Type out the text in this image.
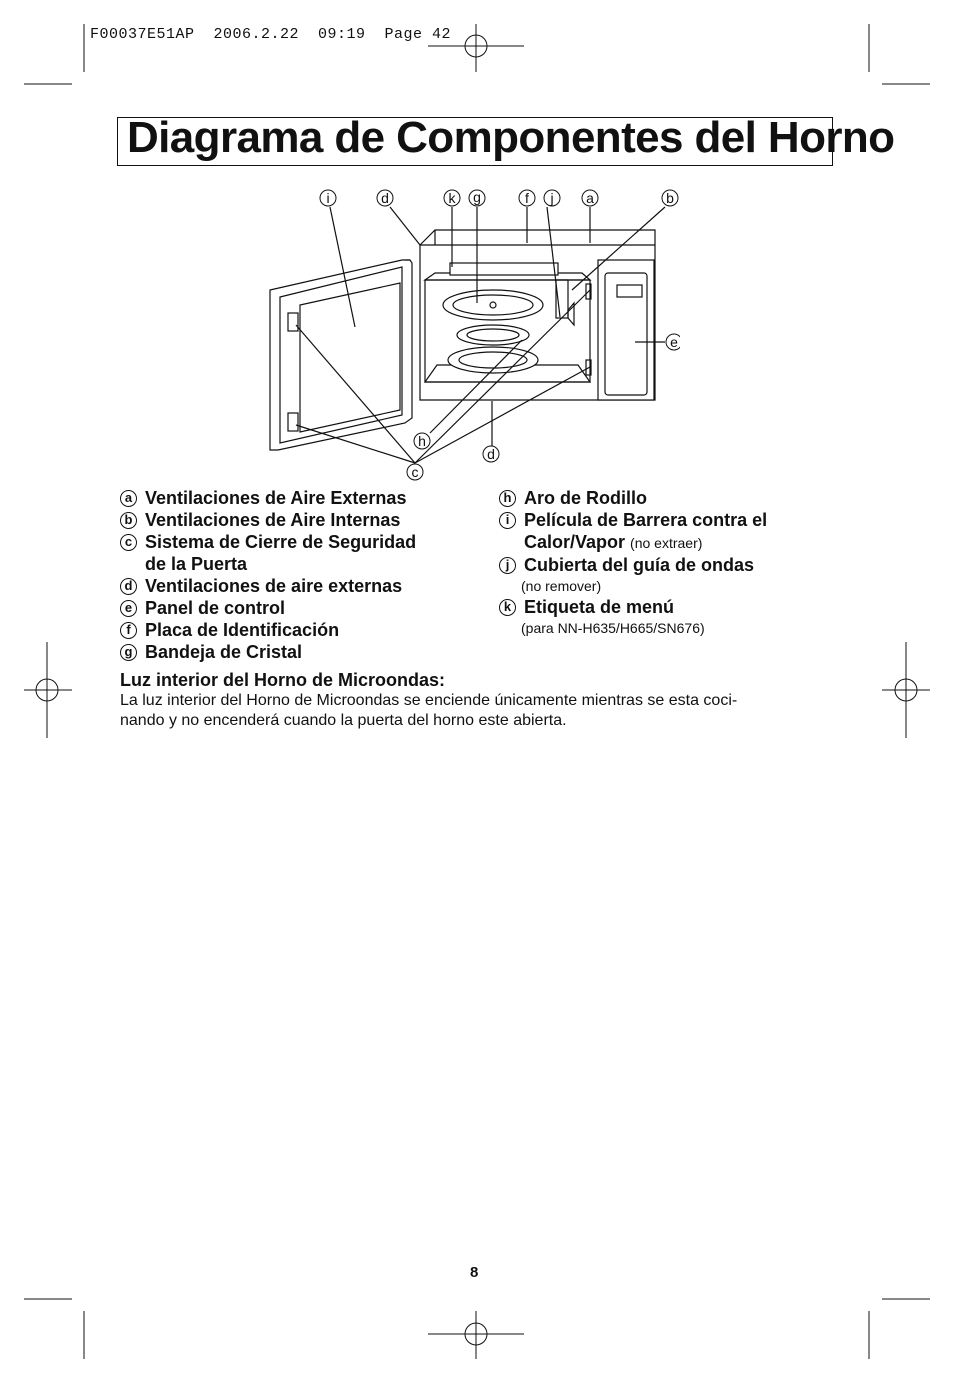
F00037E51AP  2006.2.22  09:19  Page 42
Diagrama de Componentes del Horno
i	d	k g	f j a	b
e
h
d
c
a Ventilaciones de Aire Externas
b Ventilaciones de Aire Internas
c Sistema de Cierre de Seguridad
de la Puerta
d Ventilaciones de aire externas
e Panel de control
f Placa de Identificación
g Bandeja de Cristal
h Aro de Rodillo
i Película de Barrera contra el
Calor/Vapor (no extraer)
j Cubierta del guía de ondas
(no remover)
k Etiqueta de menú
(para NN-H635/H665/SN676)
Luz interior del Horno de Microondas:
La luz interior del Horno de Microondas se enciende únicamente mientras se esta coci-
nando y no encenderá cuando la puerta del horno este abierta.
8
